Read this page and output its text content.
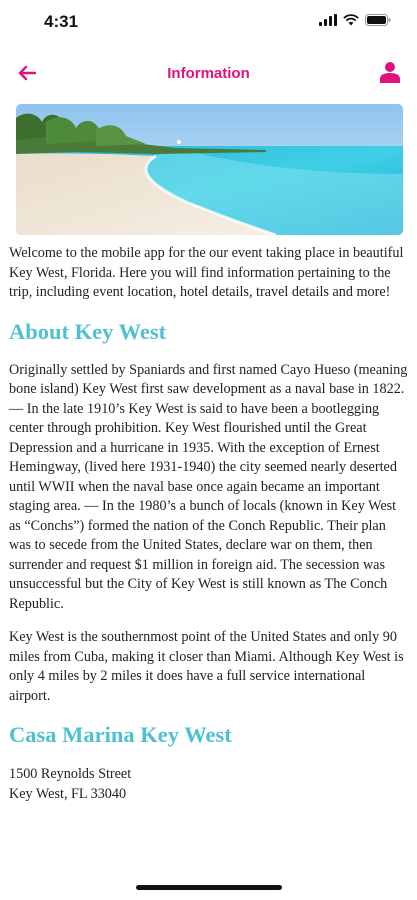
4:31
Information

Welcome to the mobile app for the our event taking place in beautiful Key West, Florida. Here you will find information pertaining to the trip, including event location, hotel details, travel details and more!

About Key West

Originally settled by Spaniards and first named Cayo Hueso (meaning bone island) Key West first saw development as a naval base in 1822. — In the late 1910’s Key West is said to have been a bootlegging center through prohibition. Key West flourished until the Great Depression and a hurricane in 1935. With the exception of Ernest Hemingway, (lived here 1931-1940) the city seemed nearly deserted until WWII when the naval base once again became an important staging area. — In the 1980’s a bunch of locals (known in Key West as “Conchs”) formed the nation of the Conch Republic. Their plan was to secede from the United States, declare war on them, then surrender and request $1 million in foreign aid. The secession was unsuccessful but the City of Key West is still known as The Conch Republic.

Key West is the southernmost point of the United States and only 90 miles from Cuba, making it closer than Miami. Although Key West is only 4 miles by 2 miles it does have a full service international airport.

Casa Marina Key West
1500 Reynolds Street
Key West, FL 33040
